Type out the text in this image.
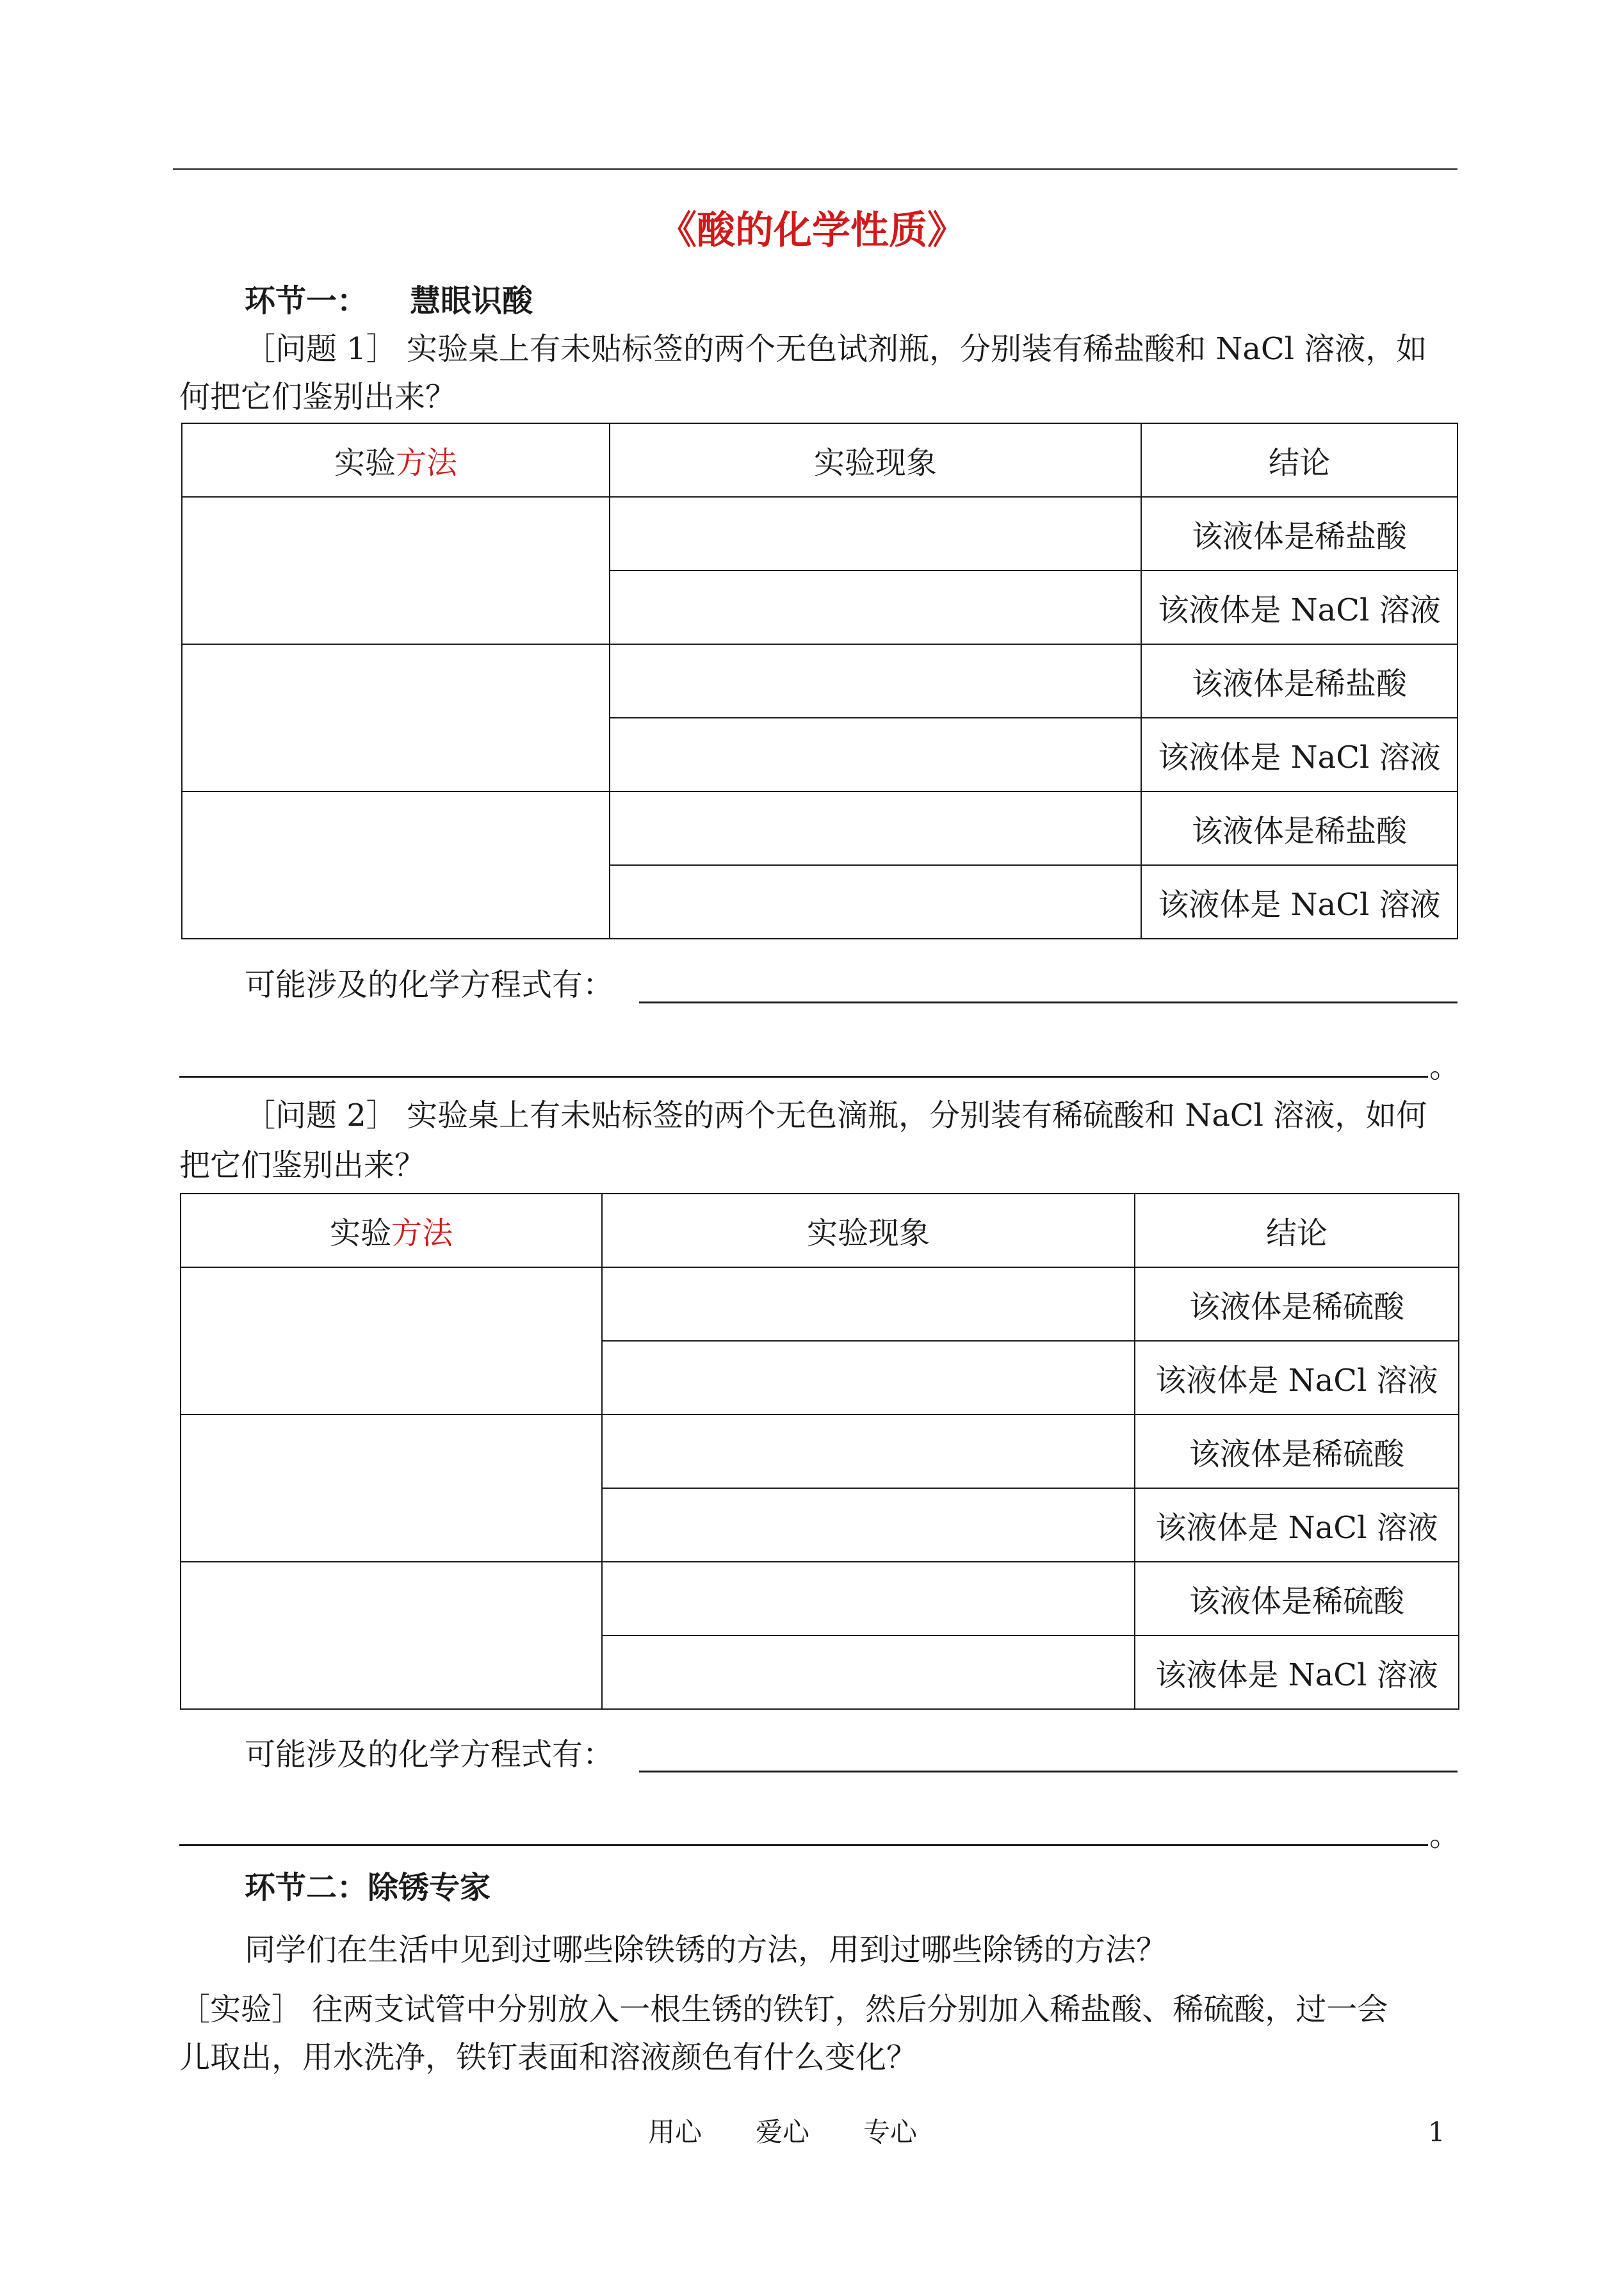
《酸的化学性质》
环节一： 慧眼识酸
［问题 1］ 实验桌上有未贴标签的两个无色试剂瓶，分别装有稀盐酸和 NaCl 溶液，如
何把它们鉴别出来？
实验方法	实验现象	结论
		该液体是稀盐酸
		该液体是 NaCl 溶液
		该液体是稀盐酸
		该液体是 NaCl 溶液
		该液体是稀盐酸
		该液体是 NaCl 溶液
可能涉及的化学方程式有：
。
［问题 2］ 实验桌上有未贴标签的两个无色滴瓶，分别装有稀硫酸和 NaCl 溶液，如何
把它们鉴别出来？
实验方法	实验现象	结论
		该液体是稀硫酸
		该液体是 NaCl 溶液
		该液体是稀硫酸
		该液体是 NaCl 溶液
		该液体是稀硫酸
		该液体是 NaCl 溶液
可能涉及的化学方程式有：
。
环节二：除锈专家
同学们在生活中见到过哪些除铁锈的方法，用到过哪些除锈的方法？
［实验］ 往两支试管中分别放入一根生锈的铁钉，然后分别加入稀盐酸、稀硫酸，过一会
儿取出，用水洗净，铁钉表面和溶液颜色有什么变化？
用心　　爱心　　专心	1
